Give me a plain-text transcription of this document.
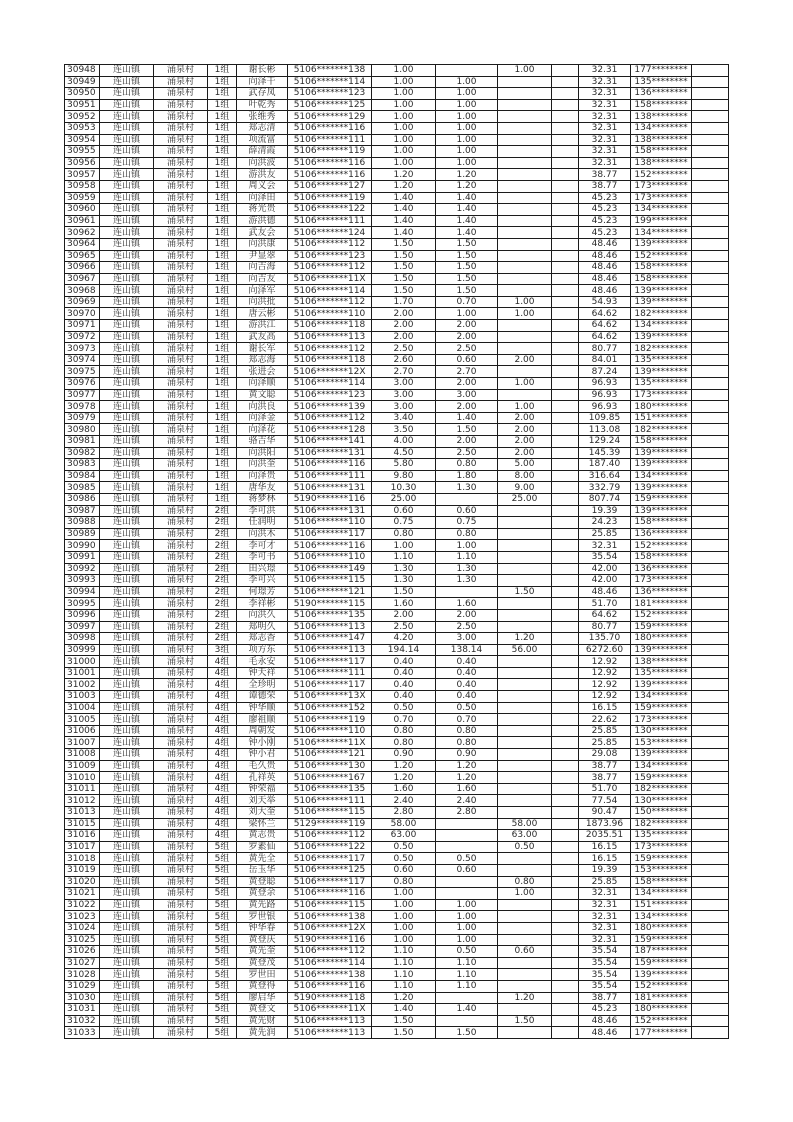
30948	连山镇	涌泉村	1组	谢长彬	5106*******138	1.00		1.00		32.31	177********	
30949	连山镇	涌泉村	1组	向泽干	5106*******114	1.00	1.00			32.31	135********	
30950	连山镇	涌泉村	1组	武存凤	5106*******123	1.00	1.00			32.31	136********	
30951	连山镇	涌泉村	1组	叶乾秀	5106*******125	1.00	1.00			32.31	158********	
30952	连山镇	涌泉村	1组	张维秀	5106*******129	1.00	1.00			32.31	138********	
30953	连山镇	涌泉村	1组	郑志清	5106*******116	1.00	1.00			32.31	134********	
30954	连山镇	涌泉村	1组	项流富	5106*******111	1.00	1.00			32.31	138********	
30955	连山镇	涌泉村	1组	薛清霞	5106*******119	1.00	1.00			32.31	158********	
30956	连山镇	涌泉村	1组	向洪波	5106*******116	1.00	1.00			32.31	138********	
30957	连山镇	涌泉村	1组	游洪友	5106*******116	1.20	1.20			38.77	152********	
30958	连山镇	涌泉村	1组	周义会	5106*******127	1.20	1.20			38.77	173********	
30959	连山镇	涌泉村	1组	向泽田	5106*******119	1.40	1.40			45.23	173********	
30960	连山镇	涌泉村	1组	蒋光贵	5106*******122	1.40	1.40			45.23	134********	
30961	连山镇	涌泉村	1组	游洪德	5106*******111	1.40	1.40			45.23	199********	
30962	连山镇	涌泉村	1组	武友会	5106*******124	1.40	1.40			45.23	134********	
30964	连山镇	涌泉村	1组	向洪康	5106*******112	1.50	1.50			48.46	139********	
30965	连山镇	涌泉村	1组	尹显翠	5106*******123	1.50	1.50			48.46	152********	
30966	连山镇	涌泉村	1组	向吉海	5106*******112	1.50	1.50			48.46	158********	
30967	连山镇	涌泉村	1组	向吉友	5106*******11X	1.50	1.50			48.46	158********	
30968	连山镇	涌泉村	1组	向泽军	5106*******114	1.50	1.50			48.46	139********	
30969	连山镇	涌泉村	1组	向洪批	5106*******112	1.70	0.70	1.00		54.93	139********	
30970	连山镇	涌泉村	1组	唐云彬	5106*******110	2.00	1.00	1.00		64.62	182********	
30971	连山镇	涌泉村	1组	游洪江	5106*******118	2.00	2.00			64.62	134********	
30972	连山镇	涌泉村	1组	武友高	5106*******113	2.00	2.00			64.62	139********	
30973	连山镇	涌泉村	1组	谢长军	5106*******112	2.50	2.50			80.77	182********	
30974	连山镇	涌泉村	1组	郑志海	5106*******118	2.60	0.60	2.00		84.01	135********	
30975	连山镇	涌泉村	1组	张进会	5106*******12X	2.70	2.70			87.24	139********	
30976	连山镇	涌泉村	1组	向泽顺	5106*******114	3.00	2.00	1.00		96.93	135********	
30977	连山镇	涌泉村	1组	黄文聪	5106*******123	3.00	3.00			96.93	173********	
30978	连山镇	涌泉村	1组	向洪良	5106*******139	3.00	2.00	1.00		96.93	180********	
30979	连山镇	涌泉村	1组	向泽金	5106*******112	3.40	1.40	2.00		109.85	151********	
30980	连山镇	涌泉村	1组	向泽花	5106*******128	3.50	1.50	2.00		113.08	182********	
30981	连山镇	涌泉村	1组	骆吉华	5106*******141	4.00	2.00	2.00		129.24	158********	
30982	连山镇	涌泉村	1组	向洪阳	5106*******131	4.50	2.50	2.00		145.39	139********	
30983	连山镇	涌泉村	1组	向洪奎	5106*******116	5.80	0.80	5.00		187.40	139********	
30984	连山镇	涌泉村	1组	向泽贵	5106*******111	9.80	1.80	8.00		316.64	134********	
30985	连山镇	涌泉村	1组	唐华友	5106*******131	10.30	1.30	9.00		332.79	139********	
30986	连山镇	涌泉村	1组	蒋梦林	5190*******116	25.00		25.00		807.74	159********	
30987	连山镇	涌泉村	2组	李可洪	5106*******131	0.60	0.60			19.39	139********	
30988	连山镇	涌泉村	2组	任润明	5106*******110	0.75	0.75			24.23	158********	
30989	连山镇	涌泉村	2组	向洪木	5106*******117	0.80	0.80			25.85	136********	
30990	连山镇	涌泉村	2组	李可才	5106*******116	1.00	1.00			32.31	152********	
30991	连山镇	涌泉村	2组	李可书	5106*******110	1.10	1.10			35.54	158********	
30992	连山镇	涌泉村	2组	田兴璟	5106*******149	1.30	1.30			42.00	136********	
30993	连山镇	涌泉村	2组	李可兴	5106*******115	1.30	1.30			42.00	173********	
30994	连山镇	涌泉村	2组	何璟芳	5106*******121	1.50		1.50		48.46	136********	
30995	连山镇	涌泉村	2组	李祥彬	5190*******115	1.60	1.60			51.70	181********	
30996	连山镇	涌泉村	2组	向洪久	5106*******135	2.00	2.00			64.62	152********	
30997	连山镇	涌泉村	2组	郑明久	5106*******113	2.50	2.50			80.77	159********	
30998	连山镇	涌泉村	2组	郑志香	5106*******147	4.20	3.00	1.20		135.70	180********	
30999	连山镇	涌泉村	3组	项方东	5106*******113	194.14	138.14	56.00		6272.60	139********	
31000	连山镇	涌泉村	4组	毛永安	5106*******117	0.40	0.40			12.92	138********	
31001	连山镇	涌泉村	4组	钟天祥	5106*******111	0.40	0.40			12.92	135********	
31002	连山镇	涌泉村	4组	全珍明	5106*******117	0.40	0.40			12.92	139********	
31003	连山镇	涌泉村	4组	谭德荣	5106*******13X	0.40	0.40			12.92	134********	
31004	连山镇	涌泉村	4组	钟华顺	5106*******152	0.50	0.50			16.15	159********	
31005	连山镇	涌泉村	4组	廖祖顺	5106*******119	0.70	0.70			22.62	173********	
31006	连山镇	涌泉村	4组	周朝发	5106*******110	0.80	0.80			25.85	130********	
31007	连山镇	涌泉村	4组	钟小刚	5106*******11X	0.80	0.80			25.85	153********	
31008	连山镇	涌泉村	4组	钟小君	5106*******121	0.90	0.90			29.08	139********	
31009	连山镇	涌泉村	4组	毛久贵	5106*******130	1.20	1.20			38.77	134********	
31010	连山镇	涌泉村	4组	孔祥英	5106*******167	1.20	1.20			38.77	159********	
31011	连山镇	涌泉村	4组	钟荣福	5106*******135	1.60	1.60			51.70	182********	
31012	连山镇	涌泉村	4组	刘天举	5106*******111	2.40	2.40			77.54	130********	
31013	连山镇	涌泉村	4组	刘大奎	5106*******115	2.80	2.80			90.47	150********	
31015	连山镇	涌泉村	4组	梁怀兰	5129*******119	58.00		58.00		1873.96	182********	
31016	连山镇	涌泉村	4组	黄志贵	5106*******112	63.00		63.00		2035.51	135********	
31017	连山镇	涌泉村	5组	罗素仙	5106*******122	0.50		0.50		16.15	173********	
31018	连山镇	涌泉村	5组	黄先全	5106*******117	0.50	0.50			16.15	159********	
31019	连山镇	涌泉村	5组	岳玉华	5106*******125	0.60	0.60			19.39	153********	
31020	连山镇	涌泉村	5组	黄登聪	5106*******117	0.80		0.80		25.85	158********	
31021	连山镇	涌泉村	5组	黄登余	5106*******116	1.00		1.00		32.31	134********	
31022	连山镇	涌泉村	5组	黄先路	5106*******115	1.00	1.00			32.31	151********	
31023	连山镇	涌泉村	5组	罗世银	5106*******138	1.00	1.00			32.31	134********	
31024	连山镇	涌泉村	5组	钟华春	5106*******12X	1.00	1.00			32.31	180********	
31025	连山镇	涌泉村	5组	黄登庆	5190*******116	1.00	1.00			32.31	159********	
31026	连山镇	涌泉村	5组	黄先奎	5106*******112	1.10	0.50	0.60		35.54	187********	
31027	连山镇	涌泉村	5组	黄登茂	5106*******114	1.10	1.10			35.54	159********	
31028	连山镇	涌泉村	5组	罗世田	5106*******138	1.10	1.10			35.54	139********	
31029	连山镇	涌泉村	5组	黄登得	5106*******116	1.10	1.10			35.54	152********	
31030	连山镇	涌泉村	5组	廖启华	5190*******118	1.20		1.20		38.77	181********	
31031	连山镇	涌泉村	5组	黄登文	5106*******11X	1.40	1.40			45.23	180********	
31032	连山镇	涌泉村	5组	黄先财	5106*******113	1.50		1.50		48.46	152********	
31033	连山镇	涌泉村	5组	黄先润	5106*******113	1.50	1.50			48.46	177********	
